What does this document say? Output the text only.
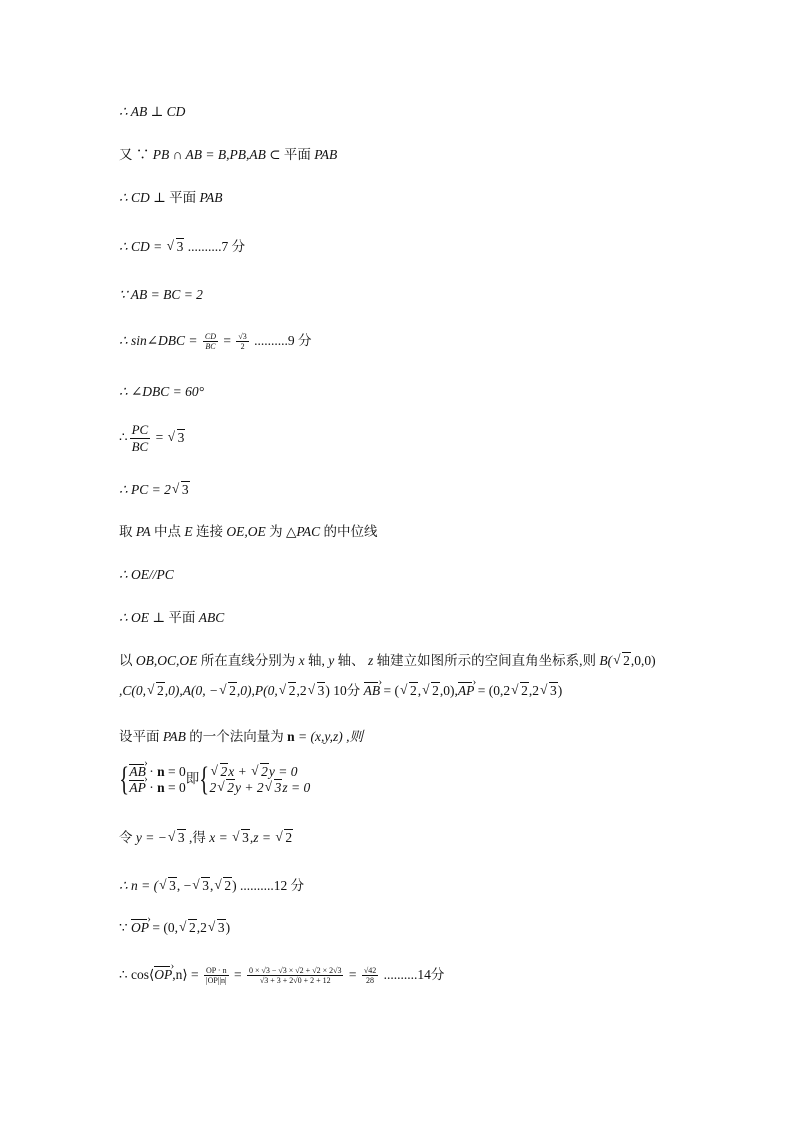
∴ AB ⊥ CD
又 ∵ PB ∩ AB = B,PB,AB ⊂ 平面 PAB
∴ CD ⊥ 平面 PAB
∴ CD = √ 3 ..........7 分
∵ AB = BC = 2
∴ sin∠DBC = $\frac{CD}{BC} = \frac{√3}{2} ..........9$ 分
∴ ∠DBC = 60°
∴ $\frac{PC}{BC}$ = √ 3
∴ PC = 2 √ 3
取 PA 中点 E 连接 OE,OE 为 △PAC 的中位线
∴ OE//PC
∴ OE ⊥ 平面 ABC
以 OB,OC,OE 所在直线分别为 x 轴, y 轴、 z 轴建立如图所示的空间直角坐标系,则 B( √ 2,0,0)
,C(0, √ 2,0),A(0, − √ 2,0),P(0, √ 2,2 √ 3) 10分 AB › = ( √ 2, √ 2,0),AP › = (0,2 √ 2,2 √ 3)
设平面 PAB 的一个法向量为 n = (x,y,z) ,则
{ AB › · n = 0
AP › · n = 0
即 { √ 2x + √ 2y = 0
2 √ 2y + 2 √ 3z = 0
令 y = − √ 3 ,得 x = √ 3,z = √ 2
∴ n = ( √ 3, − √ 3, √ 2) ..........12 分
∵ OP › = (0, √ 2,2 √ 3)
∴ cos⟨OP ›,n⟩ = $\frac{OP \cdot n}{|OP||n|} = \frac{0 \times √3 - √3 \times √2 + √2 \times 2√3}{√3 + 3 + 2√0 + 2 + 12} = \frac{√42}{28} ..........14$分
